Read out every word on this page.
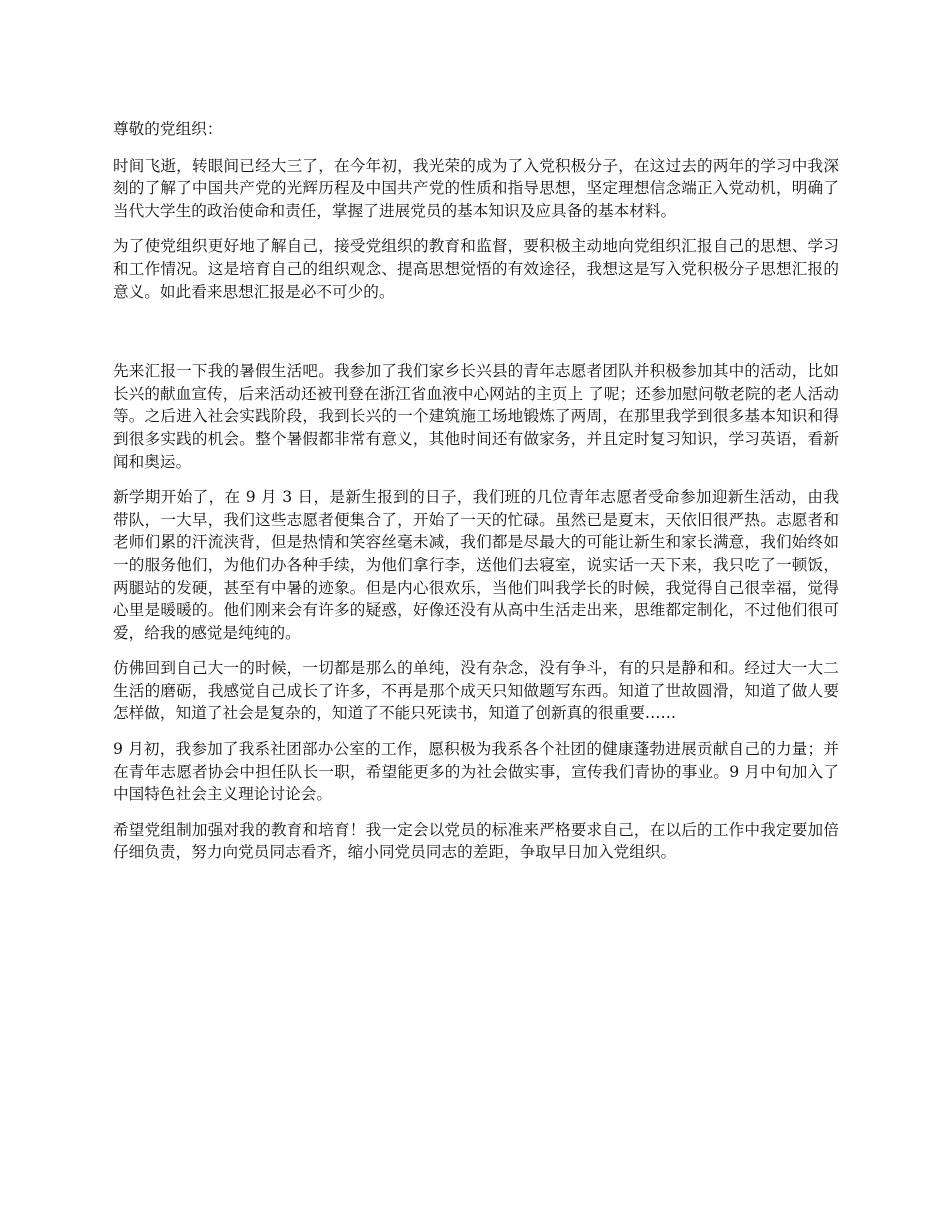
尊敬的党组织：

时间飞逝，转眼间已经大三了，在今年初，我光荣的成为了入党积极分子，在这过去的两年的学习中我深刻的了解了中国共产党的光辉历程及中国共产党的性质和指导思想，坚定理想信念端正入党动机，明确了当代大学生的政治使命和责任，掌握了进展党员的基本知识及应具备的基本材料。

为了使党组织更好地了解自己，接受党组织的教育和监督，要积极主动地向党组织汇报自己的思想、学习和工作情况。这是培育自己的组织观念、提高思想觉悟的有效途径，我想这是写入党积极分子思想汇报的意义。如此看来思想汇报是必不可少的。

先来汇报一下我的暑假生活吧。我参加了我们家乡长兴县的青年志愿者团队并积极参加其中的活动，比如长兴的献血宣传，后来活动还被刊登在浙江省血液中心网站的主页上 了呢；还参加慰问敬老院的老人活动等。之后进入社会实践阶段，我到长兴的一个建筑施工场地锻炼了两周，在那里我学到很多基本知识和得到很多实践的机会。整个暑假都非常有意义，其他时间还有做家务，并且定时复习知识，学习英语，看新闻和奥运。

新学期开始了，在 9 月 3 日，是新生报到的日子，我们班的几位青年志愿者受命参加迎新生活动，由我带队，一大早，我们这些志愿者便集合了，开始了一天的忙碌。虽然已是夏末，天依旧很严热。志愿者和老师们累的汗流浃背，但是热情和笑容丝毫未减，我们都是尽最大的可能让新生和家长满意，我们始终如一的服务他们，为他们办各种手续，为他们拿行李，送他们去寝室，说实话一天下来，我只吃了一顿饭，两腿站的发硬，甚至有中暑的迹象。但是内心很欢乐，当他们叫我学长的时候，我觉得自己很幸福，觉得心里是暖暖的。他们刚来会有许多的疑惑，好像还没有从高中生活走出来，思维都定制化，不过他们很可爱，给我的感觉是纯纯的。

仿佛回到自己大一的时候，一切都是那么的单纯，没有杂念，没有争斗，有的只是静和和。经过大一大二生活的磨砺，我感觉自己成长了许多，不再是那个成天只知做题写东西。知道了世故圆滑，知道了做人要怎样做，知道了社会是复杂的，知道了不能只死读书，知道了创新真的很重要……

9 月初，我参加了我系社团部办公室的工作，愿积极为我系各个社团的健康蓬勃进展贡献自己的力量；并在青年志愿者协会中担任队长一职，希望能更多的为社会做实事，宣传我们青协的事业。9 月中旬加入了中国特色社会主义理论讨论会。

希望党组制加强对我的教育和培育！我一定会以党员的标准来严格要求自己，在以后的工作中我定要加倍仔细负责，努力向党员同志看齐，缩小同党员同志的差距，争取早日加入党组织。
